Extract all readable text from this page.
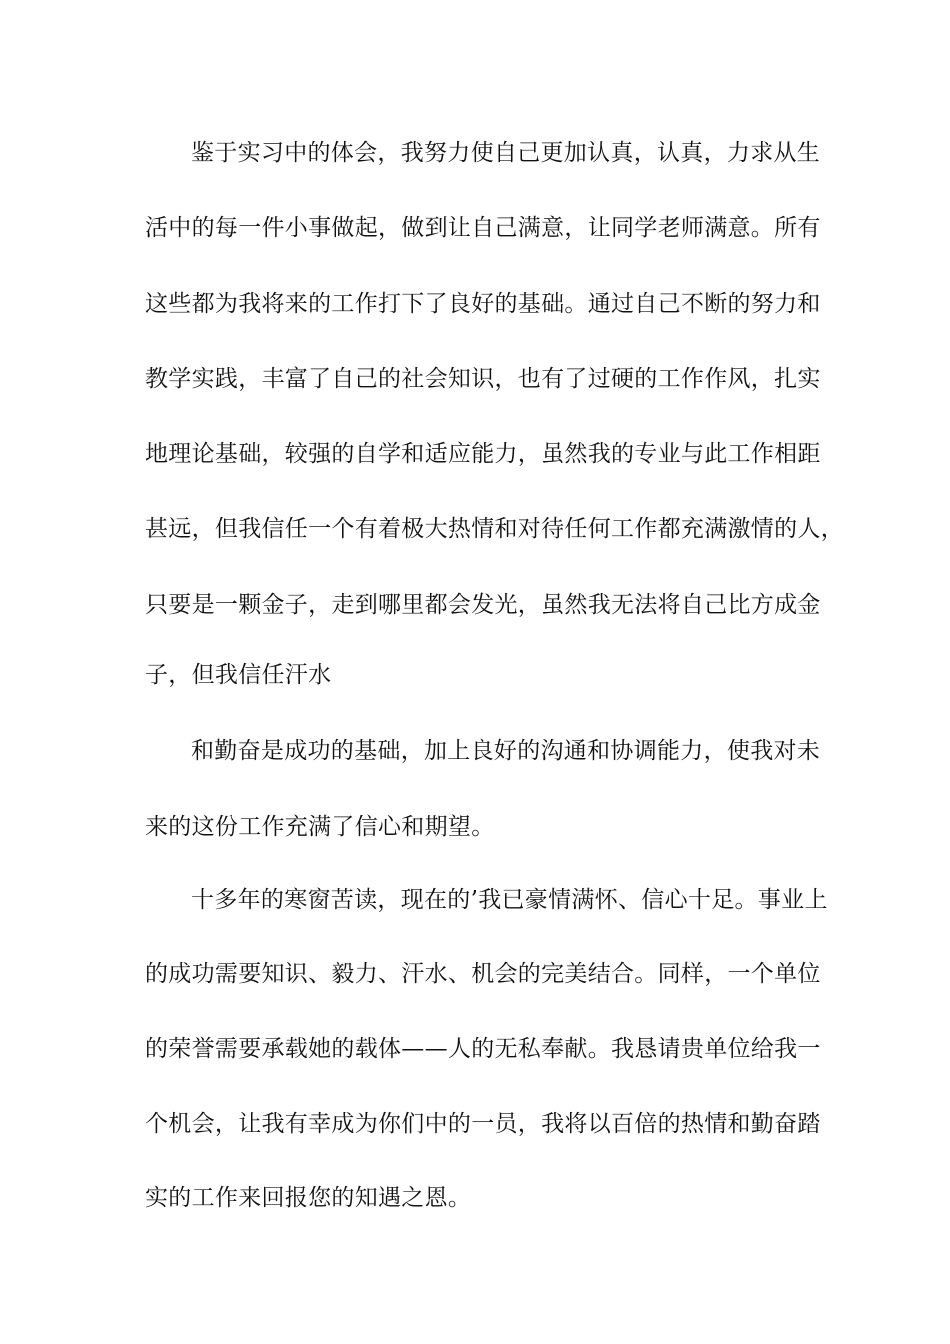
鉴于实习中的体会，我努力使自己更加认真，认真，力求从生

活中的每一件小事做起，做到让自己满意，让同学老师满意。所有

这些都为我将来的工作打下了良好的基础。通过自己不断的努力和

教学实践，丰富了自己的社会知识，也有了过硬的工作作风，扎实

地理论基础，较强的自学和适应能力，虽然我的专业与此工作相距

甚远，但我信任一个有着极大热情和对待任何工作都充满激情的人，

只要是一颗金子，走到哪里都会发光，虽然我无法将自己比方成金

子，但我信任汗水

和勤奋是成功的基础，加上良好的沟通和协调能力，使我对未

来的这份工作充满了信心和期望。

十多年的寒窗苦读，现在的’我已豪情满怀、信心十足。事业上

的成功需要知识、毅力、汗水、机会的完美结合。同样，一个单位

的荣誉需要承载她的载体——人的无私奉献。我恳请贵单位给我一

个机会，让我有幸成为你们中的一员，我将以百倍的热情和勤奋踏

实的工作来回报您的知遇之恩。
